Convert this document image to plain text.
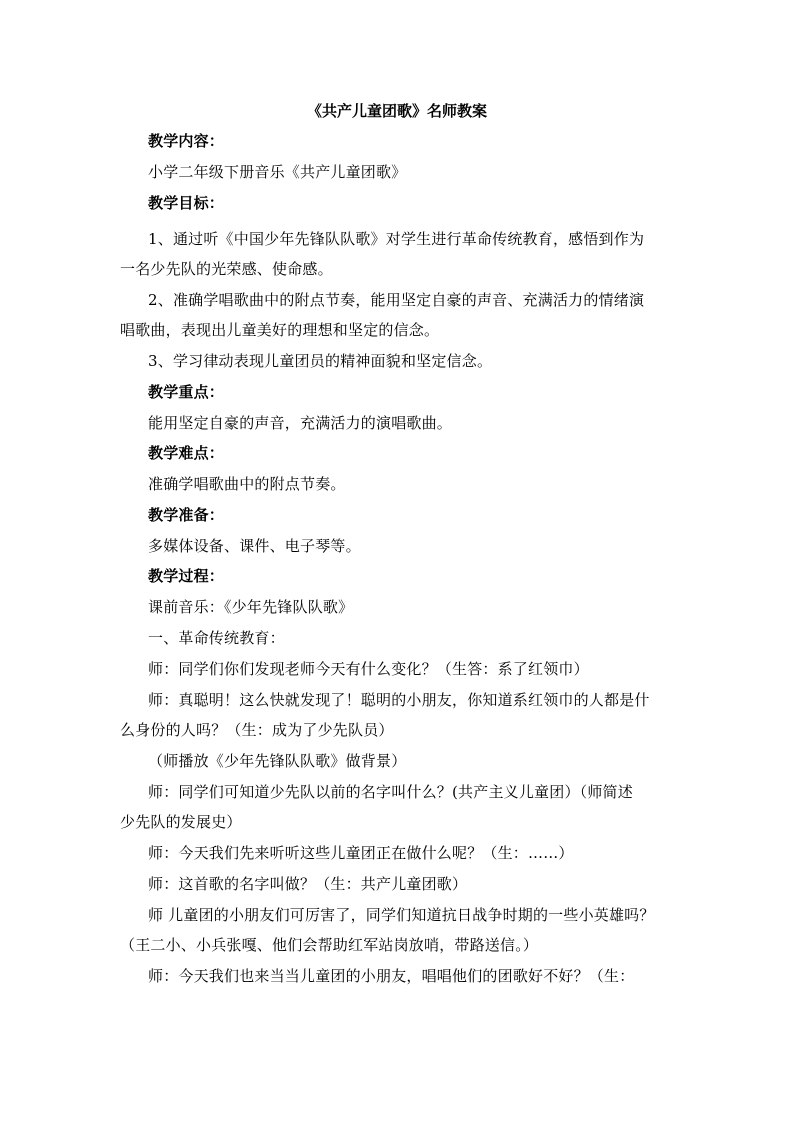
《共产儿童团歌》名师教案
教学内容：
小学二年级下册音乐《共产儿童团歌》
教学目标：
1、通过听《中国少年先锋队队歌》对学生进行革命传统教育，感悟到作为
一名少先队的光荣感、使命感。
2、准确学唱歌曲中的附点节奏，能用坚定自豪的声音、充满活力的情绪演
唱歌曲，表现出儿童美好的理想和坚定的信念。
3、学习律动表现儿童团员的精神面貌和坚定信念。
教学重点：
能用坚定自豪的声音，充满活力的演唱歌曲。
教学难点：
准确学唱歌曲中的附点节奏。
教学准备：
多媒体设备、课件、电子琴等。
教学过程：
课前音乐：《少年先锋队队歌》
一、革命传统教育：
师：同学们你们发现老师今天有什么变化？（生答：系了红领巾）
师：真聪明！这么快就发现了！聪明的小朋友，你知道系红领巾的人都是什
么身份的人吗？（生：成为了少先队员）
（师播放《少年先锋队队歌》做背景）
师：同学们可知道少先队以前的名字叫什么？(共产主义儿童团）（师简述
少先队的发展史）
师：今天我们先来听听这些儿童团正在做什么呢？（生：……）
师：这首歌的名字叫做？（生：共产儿童团歌）
师 儿童团的小朋友们可厉害了，同学们知道抗日战争时期的一些小英雄吗？
（王二小、小兵张嘎、他们会帮助红军站岗放哨，带路送信。）
师：今天我们也来当当儿童团的小朋友，唱唱他们的团歌好不好？（生：
